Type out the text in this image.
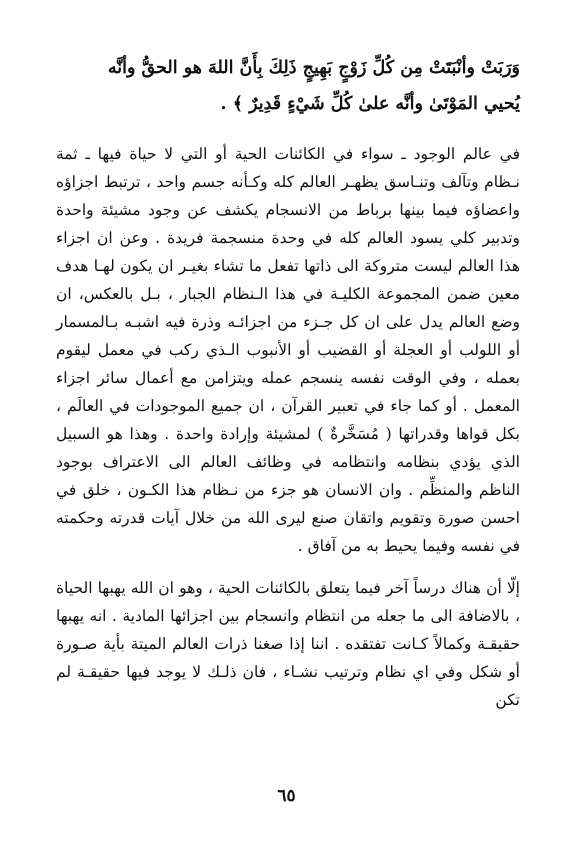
وَرَبَتْ وأنْبَتَتْ مِن كُلِّ زَوْجٍ بَهِيجٍ ذَلِكَ بِأَنَّ اللهَ هو الحقُّ وأنَّه
يُحيي المَوْتَىٰ وأنَّه علىٰ كُلِّ شَيْءٍ قَدِيرٌ ﴾ .

في عالم الوجود ـ سواء في الكائنات الحية أو التي لا حياة فيها ـ ثمة نـظام وتآلف وتنـاسق يظهـر العالم كله وكـأنه جسم واحد ، ترتبط اجزاؤه واعضاؤه فيما بينها برباط من الانسجام يكشف عن وجود مشيئة واحدة وتدبير كلي يسود العالم كله في وحدة منسجمة فريدة . وعن ان اجزاء هذا العالم ليست متروكة الى ذاتها تفعل ما تشاء بغيـر ان يكون لهـا هدف معين ضمن المجموعة الكليـة في هذا الـنظام الجبار ، بـل بالعكس، ان وضع العالم يدل على ان كل جـزء من اجزائـه وذرة فيه اشبـه بـالمسمار أو اللولب أو العجلة أو القضيب أو الأنبوب الـذي ركب في معمل ليقوم بعمله ، وفي الوقت نفسه ينسجم عمله ويتزامن مع أعمال سائر اجزاء المعمل . أو كما جاء في تعبير القرآن ، ان جميع الموجودات في العالَم ، بكل قواها وقدراتها ( مُسَخَّرةٌ ) لمشيئة وإرادة واحدة . وهذا هو السبيل الذي يؤدي بنظامه وانتظامه في وظائف العالم الى الاعتراف بوجود الناظم والمنظِّم . وان الانسان هو جزء من نـظام هذا الكـون ، خلق في احسن صورة وتقويم واتقان صنع ليرى الله من خلال آيات قدرته وحكمته في نفسه وفيما يحيط به من آفاق .

إلّا أن هناك درساً آخر فيما يتعلق بالكائنات الحية ، وهو ان الله يهبها الحياة ، بالاضافة الى ما جعله من انتظام وانسجام بين اجزائها المادية . انه يهبها حقيقـة وكمالاً كـانت تفتقده . اننا إذا صغنا ذرات العالم الميتة بأية صـورة أو شكل وفي اي نظام وترتيب نشـاء ، فان ذلـك لا يوجد فيها حقيقـة لم تكن

٦٥
